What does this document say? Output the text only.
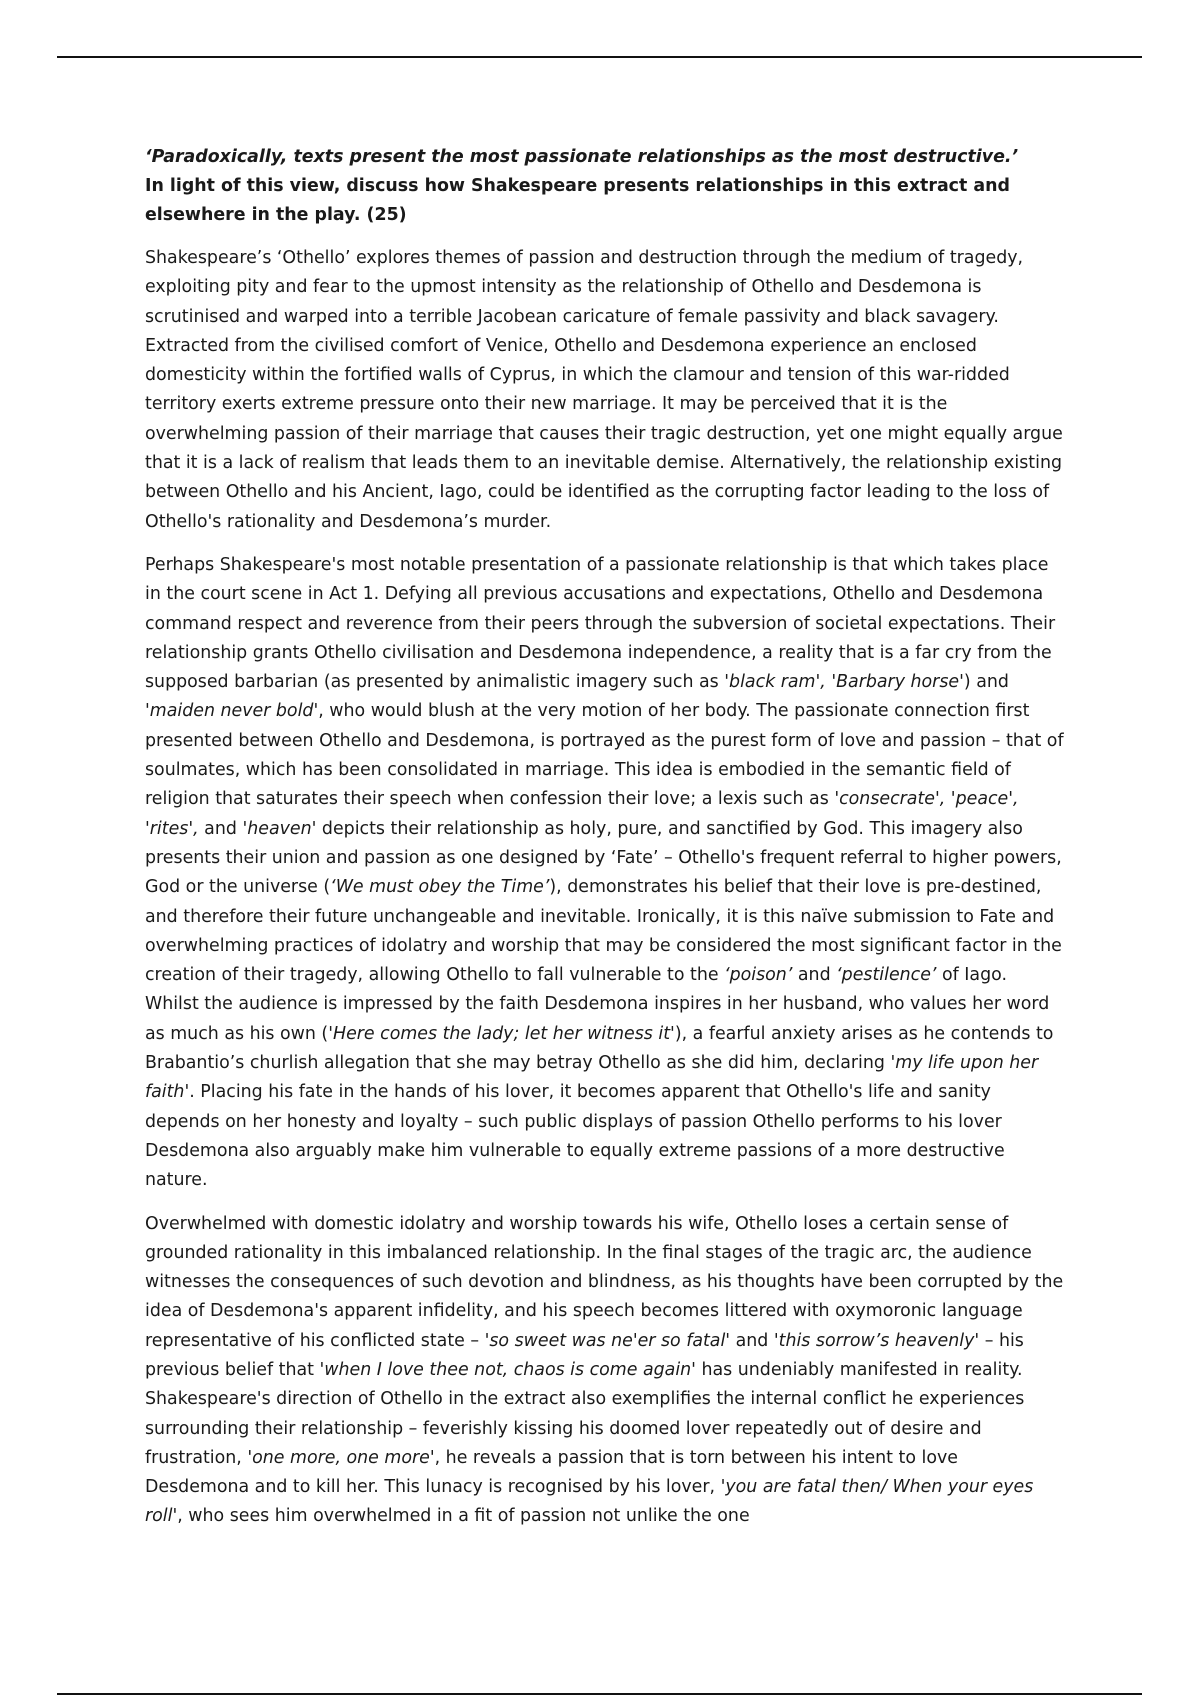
‘Paradoxically, texts present the most passionate relationships as the most destructive.’
In light of this view, discuss how Shakespeare presents relationships in this extract and elsewhere in the play. (25)

Shakespeare’s ‘Othello’ explores themes of passion and destruction through the medium of tragedy, exploiting pity and fear to the upmost intensity as the relationship of Othello and Desdemona is scrutinised and warped into a terrible Jacobean caricature of female passivity and black savagery. Extracted from the civilised comfort of Venice, Othello and Desdemona experience an enclosed domesticity within the fortified walls of Cyprus, in which the clamour and tension of this war-ridded territory exerts extreme pressure onto their new marriage. It may be perceived that it is the overwhelming passion of their marriage that causes their tragic destruction, yet one might equally argue that it is a lack of realism that leads them to an inevitable demise. Alternatively, the relationship existing between Othello and his Ancient, Iago, could be identified as the corrupting factor leading to the loss of Othello's rationality and Desdemona’s murder.

Perhaps Shakespeare's most notable presentation of a passionate relationship is that which takes place in the court scene in Act 1. Defying all previous accusations and expectations, Othello and Desdemona command respect and reverence from their peers through the subversion of societal expectations. Their relationship grants Othello civilisation and Desdemona independence, a reality that is a far cry from the supposed barbarian (as presented by animalistic imagery such as 'black ram', 'Barbary horse') and 'maiden never bold', who would blush at the very motion of her body. The passionate connection first presented between Othello and Desdemona, is portrayed as the purest form of love and passion – that of soulmates, which has been consolidated in marriage. This idea is embodied in the semantic field of religion that saturates their speech when confession their love; a lexis such as 'consecrate', 'peace', 'rites', and 'heaven' depicts their relationship as holy, pure, and sanctified by God. This imagery also presents their union and passion as one designed by ‘Fate’ – Othello's frequent referral to higher powers, God or the universe (‘We must obey the Time’), demonstrates his belief that their love is pre-destined, and therefore their future unchangeable and inevitable. Ironically, it is this naïve submission to Fate and overwhelming practices of idolatry and worship that may be considered the most significant factor in the creation of their tragedy, allowing Othello to fall vulnerable to the ‘poison’ and ‘pestilence’ of Iago. Whilst the audience is impressed by the faith Desdemona inspires in her husband, who values her word as much as his own ('Here comes the lady; let her witness it'), a fearful anxiety arises as he contends to Brabantio’s churlish allegation that she may betray Othello as she did him, declaring 'my life upon her faith'. Placing his fate in the hands of his lover, it becomes apparent that Othello's life and sanity depends on her honesty and loyalty – such public displays of passion Othello performs to his lover Desdemona also arguably make him vulnerable to equally extreme passions of a more destructive nature.

Overwhelmed with domestic idolatry and worship towards his wife, Othello loses a certain sense of grounded rationality in this imbalanced relationship. In the final stages of the tragic arc, the audience witnesses the consequences of such devotion and blindness, as his thoughts have been corrupted by the idea of Desdemona's apparent infidelity, and his speech becomes littered with oxymoronic language representative of his conflicted state – 'so sweet was ne'er so fatal' and 'this sorrow’s heavenly' – his previous belief that 'when I love thee not, chaos is come again' has undeniably manifested in reality. Shakespeare's direction of Othello in the extract also exemplifies the internal conflict he experiences surrounding their relationship – feverishly kissing his doomed lover repeatedly out of desire and frustration, 'one more, one more', he reveals a passion that is torn between his intent to love Desdemona and to kill her. This lunacy is recognised by his lover, 'you are fatal then/ When your eyes roll', who sees him overwhelmed in a fit of passion not unlike the one
